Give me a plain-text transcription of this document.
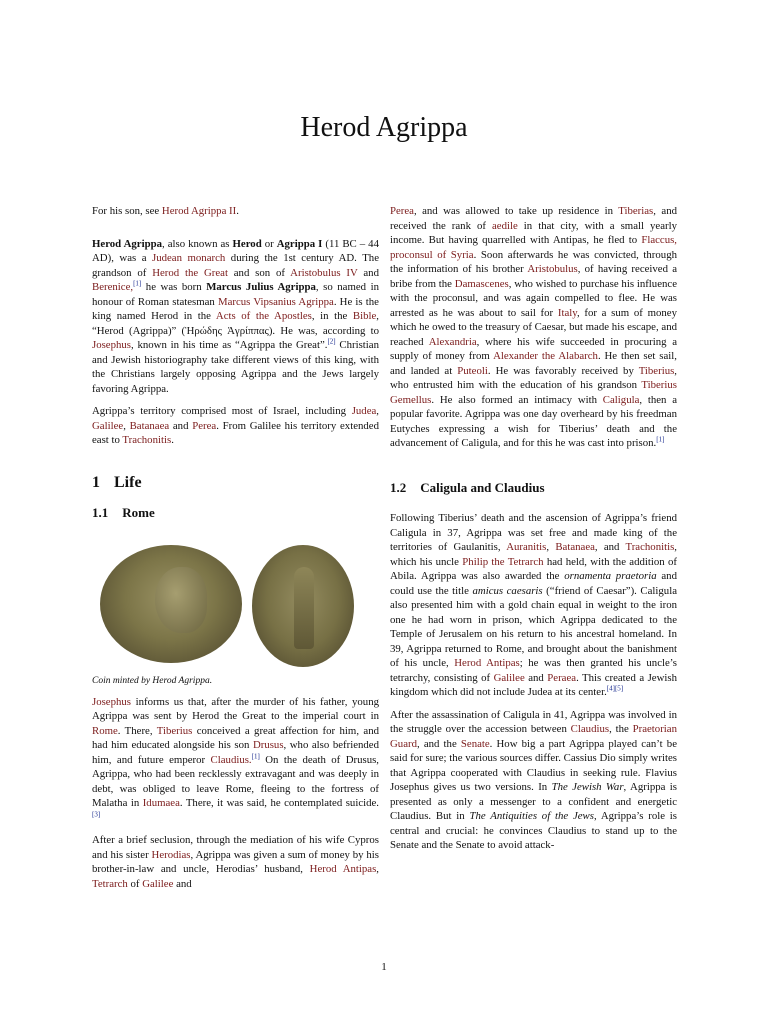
Herod Agrippa

For his son, see Herod Agrippa II.

Herod Agrippa, also known as Herod or Agrippa I (11 BC – 44 AD), was a Judean monarch during the 1st century AD. The grandson of Herod the Great and son of Aristobulus IV and Berenice,[1] he was born Marcus Julius Agrippa, so named in honour of Roman statesman Marcus Vipsanius Agrippa. He is the king named Herod in the Acts of the Apostles, in the Bible, “Herod (Agrippa)” (Ἡρώδης Ἀγρίππας). He was, according to Josephus, known in his time as “Agrippa the Great”.[2] Christian and Jewish historiography take different views of this king, with the Christians largely opposing Agrippa and the Jews largely favoring Agrippa.

Agrippa’s territory comprised most of Israel, including Judea, Galilee, Batanaea and Perea. From Galilee his territory extended east to Trachonitis.

1 Life
1.1 Rome

Coin minted by Herod Agrippa.

Josephus informs us that, after the murder of his father, young Agrippa was sent by Herod the Great to the imperial court in Rome. There, Tiberius conceived a great affection for him, and had him educated alongside his son Drusus, who also befriended him, and future emperor Claudius.[1] On the death of Drusus, Agrippa, who had been recklessly extravagant and was deeply in debt, was obliged to leave Rome, fleeing to the fortress of Malatha in Idumaea. There, it was said, he contemplated suicide.[3]

After a brief seclusion, through the mediation of his wife Cypros and his sister Herodias, Agrippa was given a sum of money by his brother-in-law and uncle, Herodias’ husband, Herod Antipas, Tetrarch of Galilee and

Perea, and was allowed to take up residence in Tiberias, and received the rank of aedile in that city, with a small yearly income. But having quarrelled with Antipas, he fled to Flaccus, proconsul of Syria. Soon afterwards he was convicted, through the information of his brother Aristobulus, of having received a bribe from the Damascenes, who wished to purchase his influence with the proconsul, and was again compelled to flee. He was arrested as he was about to sail for Italy, for a sum of money which he owed to the treasury of Caesar, but made his escape, and reached Alexandria, where his wife succeeded in procuring a supply of money from Alexander the Alabarch. He then set sail, and landed at Puteoli. He was favorably received by Tiberius, who entrusted him with the education of his grandson Tiberius Gemellus. He also formed an intimacy with Caligula, then a popular favorite. Agrippa was one day overheard by his freedman Eutyches expressing a wish for Tiberius’ death and the advancement of Caligula, and for this he was cast into prison.[1]

1.2 Caligula and Claudius

Following Tiberius’ death and the ascension of Agrippa’s friend Caligula in 37, Agrippa was set free and made king of the territories of Gaulanitis, Auranitis, Batanaea, and Trachonitis, which his uncle Philip the Tetrarch had held, with the addition of Abila. Agrippa was also awarded the ornamenta praetoria and could use the title amicus caesaris (“friend of Caesar”). Caligula also presented him with a gold chain equal in weight to the iron one he had worn in prison, which Agrippa dedicated to the Temple of Jerusalem on his return to his ancestral homeland. In 39, Agrippa returned to Rome, and brought about the banishment of his uncle, Herod Antipas; he was then granted his uncle’s tetrarchy, consisting of Galilee and Peraea. This created a Jewish kingdom which did not include Judea at its center.[4][5]

After the assassination of Caligula in 41, Agrippa was involved in the struggle over the accession between Claudius, the Praetorian Guard, and the Senate. How big a part Agrippa played can’t be said for sure; the various sources differ. Cassius Dio simply writes that Agrippa cooperated with Claudius in seeking rule. Flavius Josephus gives us two versions. In The Jewish War, Agrippa is presented as only a messenger to a confident and energetic Claudius. But in The Antiquities of the Jews, Agrippa’s role is central and crucial: he convinces Claudius to stand up to the Senate and the Senate to avoid attack-

1
